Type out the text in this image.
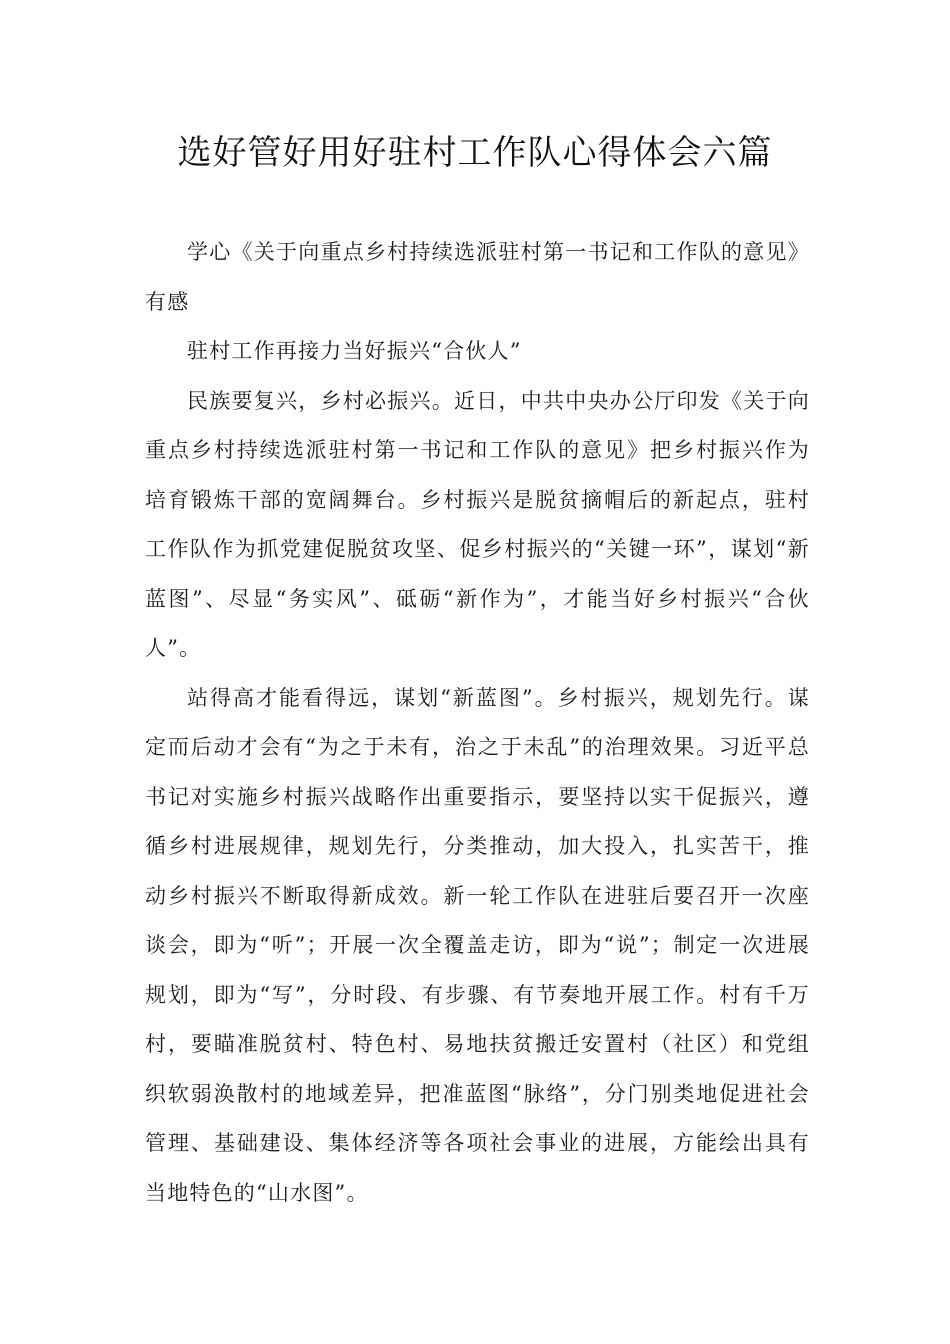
选好管好用好驻村工作队心得体会六篇

学心《关于向重点乡村持续选派驻村第一书记和工作队的意见》有感

驻村工作再接力当好振兴“合伙人”

民族要复兴，乡村必振兴。近日，中共中央办公厅印发《关于向重点乡村持续选派驻村第一书记和工作队的意见》把乡村振兴作为培育锻炼干部的宽阔舞台。乡村振兴是脱贫摘帽后的新起点，驻村工作队作为抓党建促脱贫攻坚、促乡村振兴的“关键一环”，谋划“新蓝图”、尽显“务实风”、砥砺“新作为”，才能当好乡村振兴“合伙人”。

站得高才能看得远，谋划“新蓝图”。乡村振兴，规划先行。谋定而后动才会有“为之于未有，治之于未乱”的治理效果。习近平总书记对实施乡村振兴战略作出重要指示，要坚持以实干促振兴，遵循乡村进展规律，规划先行，分类推动，加大投入，扎实苦干，推动乡村振兴不断取得新成效。新一轮工作队在进驻后要召开一次座谈会，即为“听”；开展一次全覆盖走访，即为“说”；制定一次进展规划，即为“写”，分时段、有步骤、有节奏地开展工作。村有千万村，要瞄准脱贫村、特色村、易地扶贫搬迁安置村（社区）和党组织软弱涣散村的地域差异，把准蓝图“脉络”，分门别类地促进社会管理、基础建设、集体经济等各项社会事业的进展，方能绘出具有当地特色的“山水图”。
